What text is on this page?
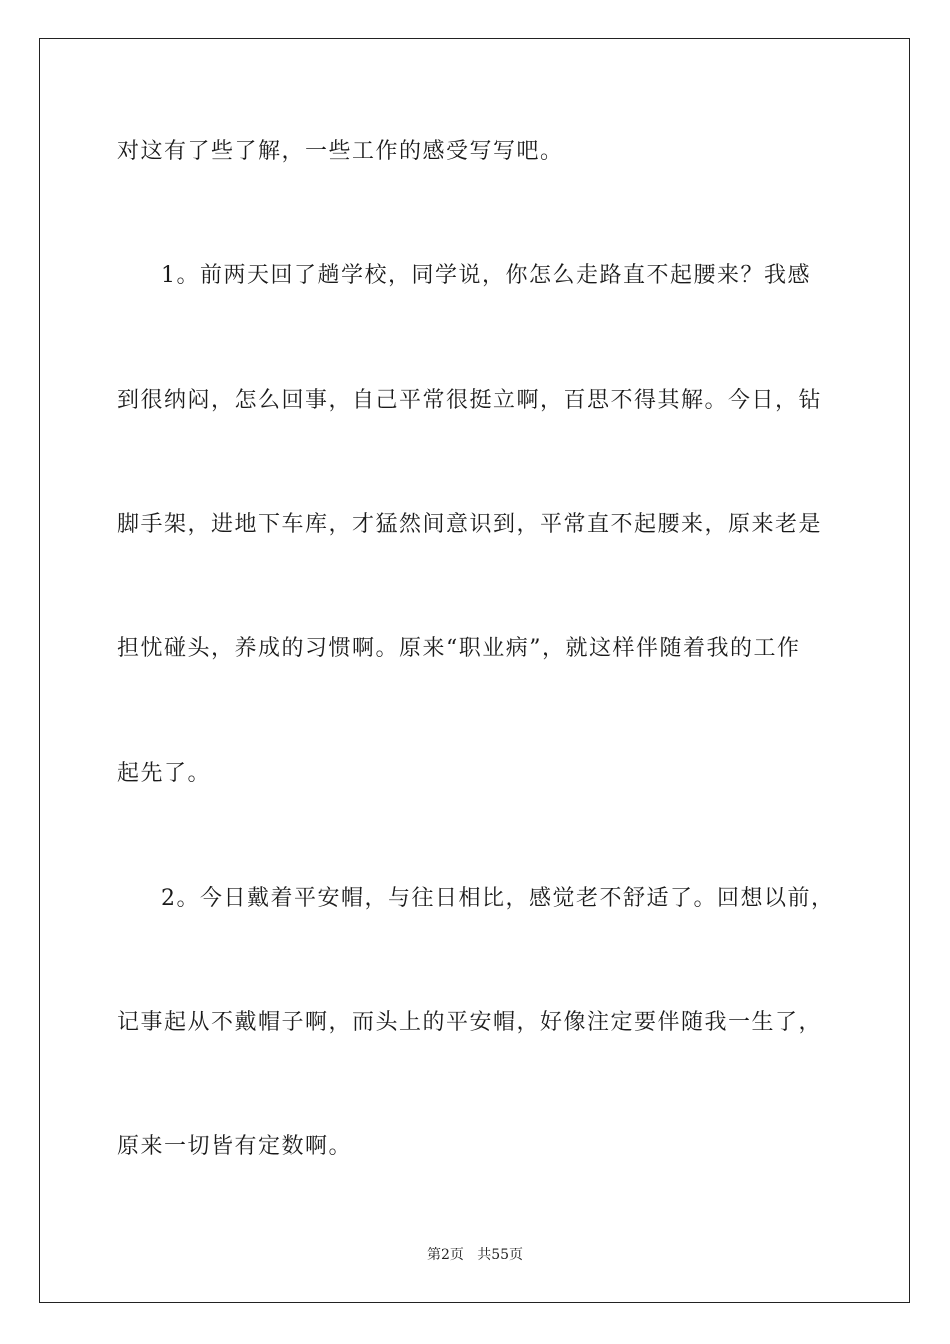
对这有了些了解，一些工作的感受写写吧。
1。前两天回了趟学校，同学说，你怎么走路直不起腰来？我感
到很纳闷，怎么回事，自己平常很挺立啊，百思不得其解。今日，钻
脚手架，进地下车库，才猛然间意识到，平常直不起腰来，原来老是
担忧碰头，养成的习惯啊。原来“职业病”，就这样伴随着我的工作
起先了。
2。今日戴着平安帽，与往日相比，感觉老不舒适了。回想以前，
记事起从不戴帽子啊，而头上的平安帽，好像注定要伴随我一生了，
原来一切皆有定数啊。
第2页 共55页
